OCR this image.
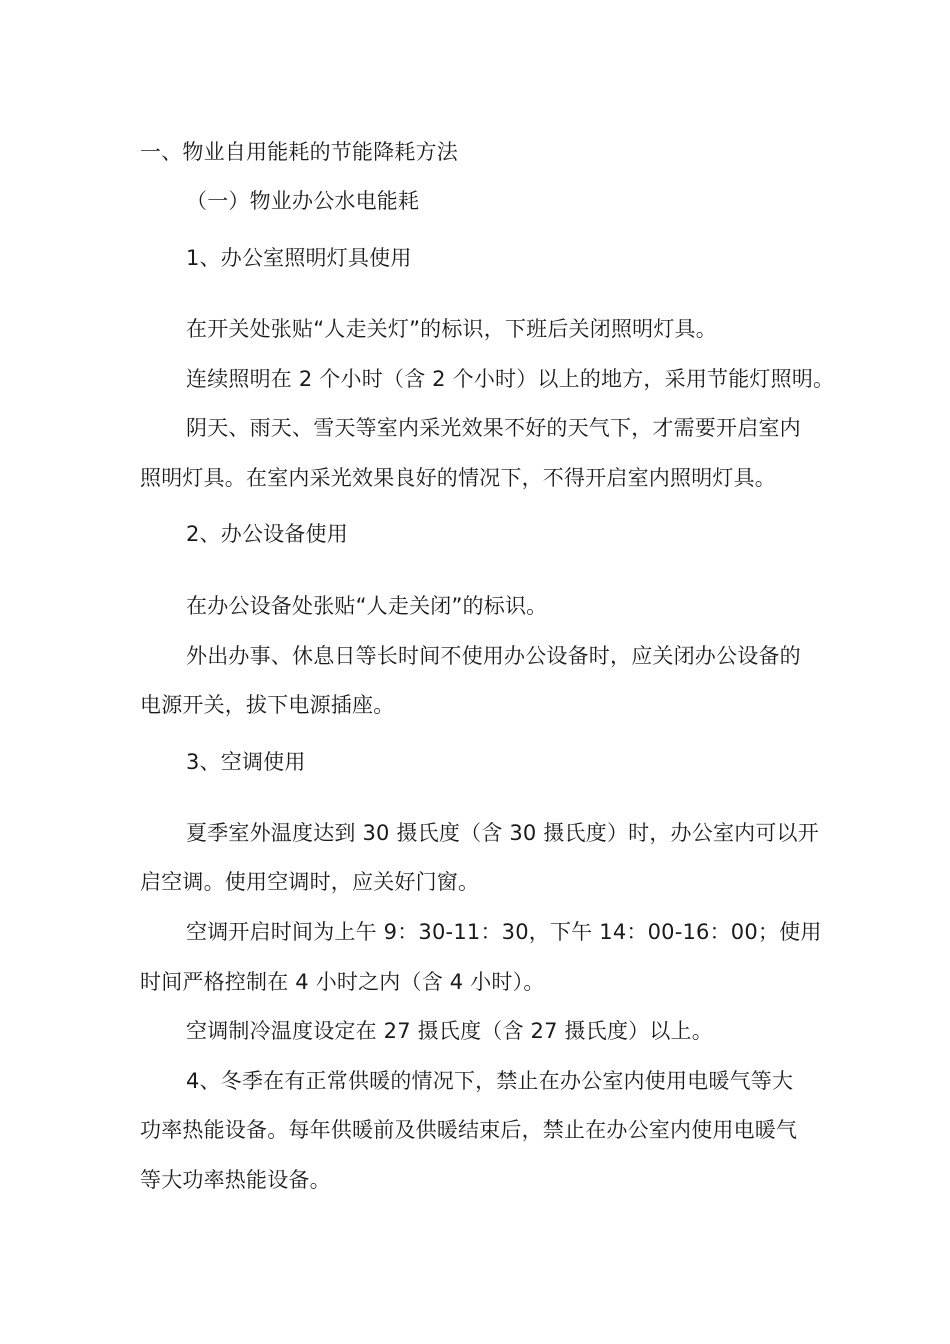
一、物业自用能耗的节能降耗方法
（一）物业办公水电能耗
1、办公室照明灯具使用
在开关处张贴“人走关灯”的标识，下班后关闭照明灯具。
连续照明在 2 个小时（含 2 个小时）以上的地方，采用节能灯照明。
阴天、雨天、雪天等室内采光效果不好的天气下，才需要开启室内
照明灯具。在室内采光效果良好的情况下，不得开启室内照明灯具。
2、办公设备使用
在办公设备处张贴“人走关闭”的标识。
外出办事、休息日等长时间不使用办公设备时，应关闭办公设备的
电源开关，拔下电源插座。
3、空调使用
夏季室外温度达到 30 摄氏度（含 30 摄氏度）时，办公室内可以开
启空调。使用空调时，应关好门窗。
空调开启时间为上午 9：30-11：30，下午 14：00-16：00；使用
时间严格控制在 4 小时之内（含 4 小时）。
空调制冷温度设定在 27 摄氏度（含 27 摄氏度）以上。
4、冬季在有正常供暖的情况下，禁止在办公室内使用电暖气等大
功率热能设备。每年供暖前及供暖结束后，禁止在办公室内使用电暖气
等大功率热能设备。
